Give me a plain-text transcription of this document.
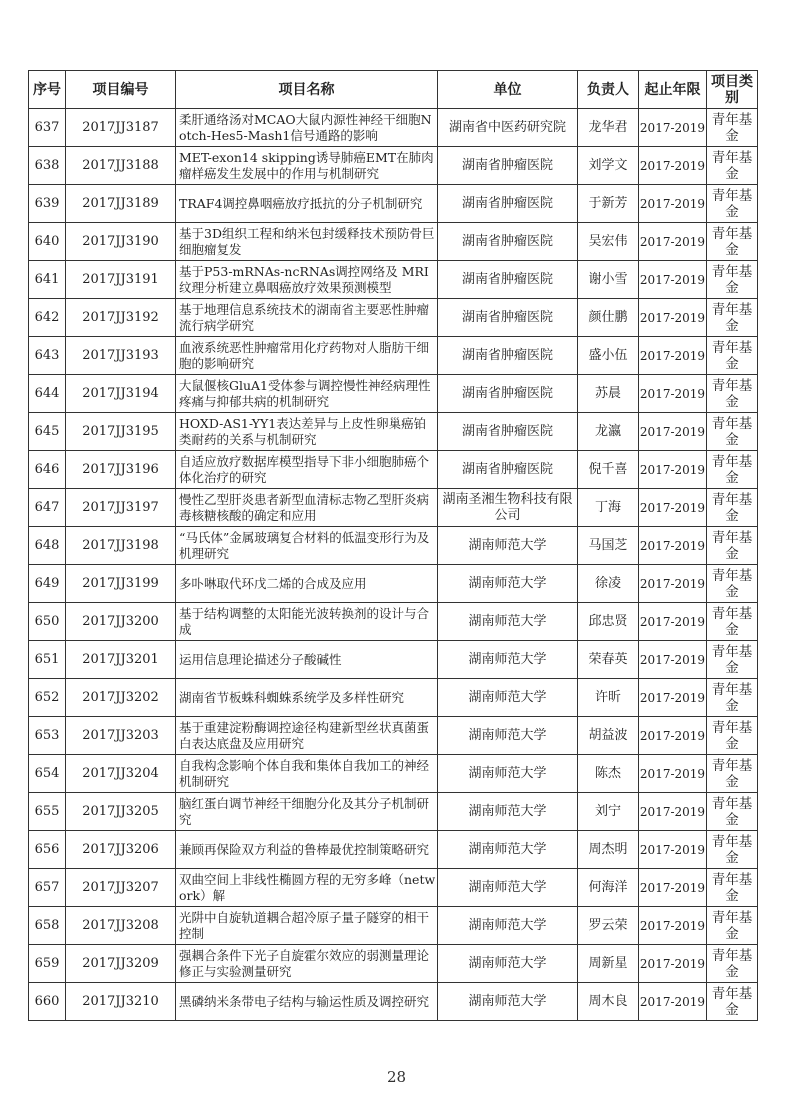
序号	项目编号	项目名称	单位	负责人	起止年限	项目类别
637	2017JJ3187	柔肝通络汤对MCAO大鼠内源性神经干细胞Notch-Hes5-Mash1信号通路的影响	湖南省中医药研究院	龙华君	2017-2019	青年基金
638	2017JJ3188	MET-exon14 skipping诱导肺癌EMT在肺肉瘤样癌发生发展中的作用与机制研究	湖南省肿瘤医院	刘学文	2017-2019	青年基金
639	2017JJ3189	TRAF4调控鼻咽癌放疗抵抗的分子机制研究	湖南省肿瘤医院	于新芳	2017-2019	青年基金
640	2017JJ3190	基于3D组织工程和纳米包封缓释技术预防骨巨细胞瘤复发	湖南省肿瘤医院	吴宏伟	2017-2019	青年基金
641	2017JJ3191	基于P53-mRNAs-ncRNAs调控网络及 MRI纹理分析建立鼻咽癌放疗效果预测模型	湖南省肿瘤医院	谢小雪	2017-2019	青年基金
642	2017JJ3192	基于地理信息系统技术的湖南省主要恶性肿瘤流行病学研究	湖南省肿瘤医院	颜仕鹏	2017-2019	青年基金
643	2017JJ3193	血液系统恶性肿瘤常用化疗药物对人脂肪干细胞的影响研究	湖南省肿瘤医院	盛小伍	2017-2019	青年基金
644	2017JJ3194	大鼠偃核GluA1受体参与调控慢性神经病理性疼痛与抑郁共病的机制研究	湖南省肿瘤医院	苏晨	2017-2019	青年基金
645	2017JJ3195	HOXD-AS1-YY1表达差异与上皮性卵巢癌铂类耐药的关系与机制研究	湖南省肿瘤医院	龙瀛	2017-2019	青年基金
646	2017JJ3196	自适应放疗数据库模型指导下非小细胞肺癌个体化治疗的研究	湖南省肿瘤医院	倪千喜	2017-2019	青年基金
647	2017JJ3197	慢性乙型肝炎患者新型血清标志物乙型肝炎病毒核糖核酸的确定和应用	湖南圣湘生物科技有限公司	丁海	2017-2019	青年基金
648	2017JJ3198	“马氏体”金属玻璃复合材料的低温变形行为及机理研究	湖南师范大学	马国芝	2017-2019	青年基金
649	2017JJ3199	多卟啉取代环戊二烯的合成及应用	湖南师范大学	徐凌	2017-2019	青年基金
650	2017JJ3200	基于结构调整的太阳能光波转换剂的设计与合成	湖南师范大学	邱忠贤	2017-2019	青年基金
651	2017JJ3201	运用信息理论描述分子酸碱性	湖南师范大学	荣春英	2017-2019	青年基金
652	2017JJ3202	湖南省节板蛛科蜘蛛系统学及多样性研究	湖南师范大学	许昕	2017-2019	青年基金
653	2017JJ3203	基于重建淀粉酶调控途径构建新型丝状真菌蛋白表达底盘及应用研究	湖南师范大学	胡益波	2017-2019	青年基金
654	2017JJ3204	自我构念影响个体自我和集体自我加工的神经机制研究	湖南师范大学	陈杰	2017-2019	青年基金
655	2017JJ3205	脑红蛋白调节神经干细胞分化及其分子机制研究	湖南师范大学	刘宁	2017-2019	青年基金
656	2017JJ3206	兼顾再保险双方利益的鲁棒最优控制策略研究	湖南师范大学	周杰明	2017-2019	青年基金
657	2017JJ3207	双曲空间上非线性椭圆方程的无穷多峰（network）解	湖南师范大学	何海洋	2017-2019	青年基金
658	2017JJ3208	光阱中自旋轨道耦合超冷原子量子隧穿的相干控制	湖南师范大学	罗云荣	2017-2019	青年基金
659	2017JJ3209	强耦合条件下光子自旋霍尔效应的弱测量理论修正与实验测量研究	湖南师范大学	周新星	2017-2019	青年基金
660	2017JJ3210	黑磷纳米条带电子结构与输运性质及调控研究	湖南师范大学	周木良	2017-2019	青年基金
28
